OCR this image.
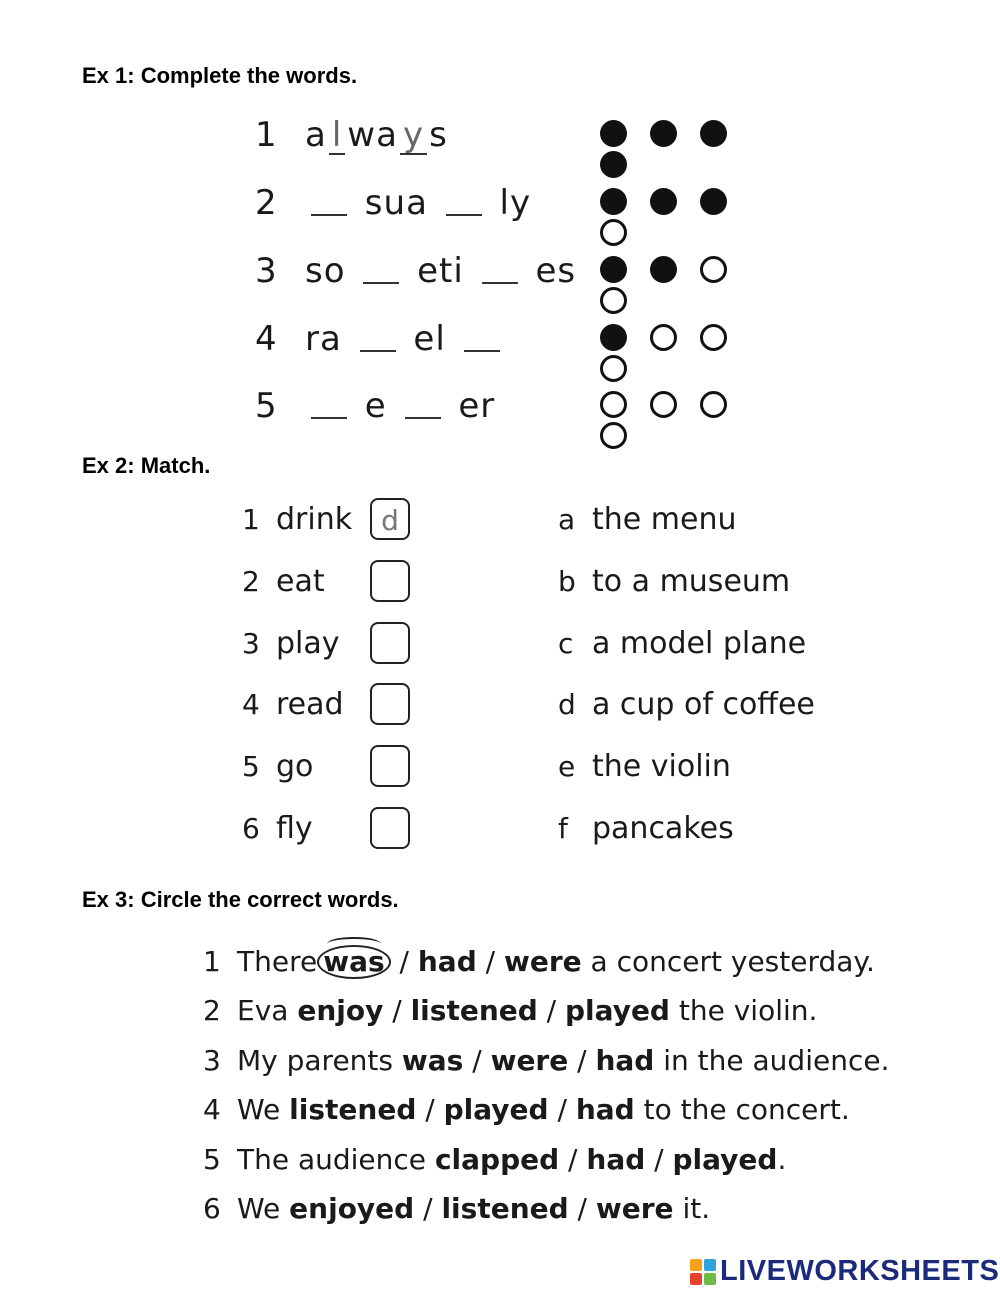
Ex 1: Complete the words.
1 a l wa y s
2	sua  ly
3 so  eti  es
4 ra  el
5	e  er
Ex 2: Match.
1 drink	d
2 eat
3 play
4 read
5 go
6 fly
a the menu
b to a museum
c a model plane
d a cup of coffee
e the violin
f pancakes
Ex 3: Circle the correct words.
1 There was / had / were a concert yesterday.
2 Eva enjoy / listened / played the violin.
3 My parents was / were / had in the audience.
4 We listened / played / had to the concert.
5 The audience clapped / had / played.
6 We enjoyed / listened / were it.
LIVEWORKSHEETS
